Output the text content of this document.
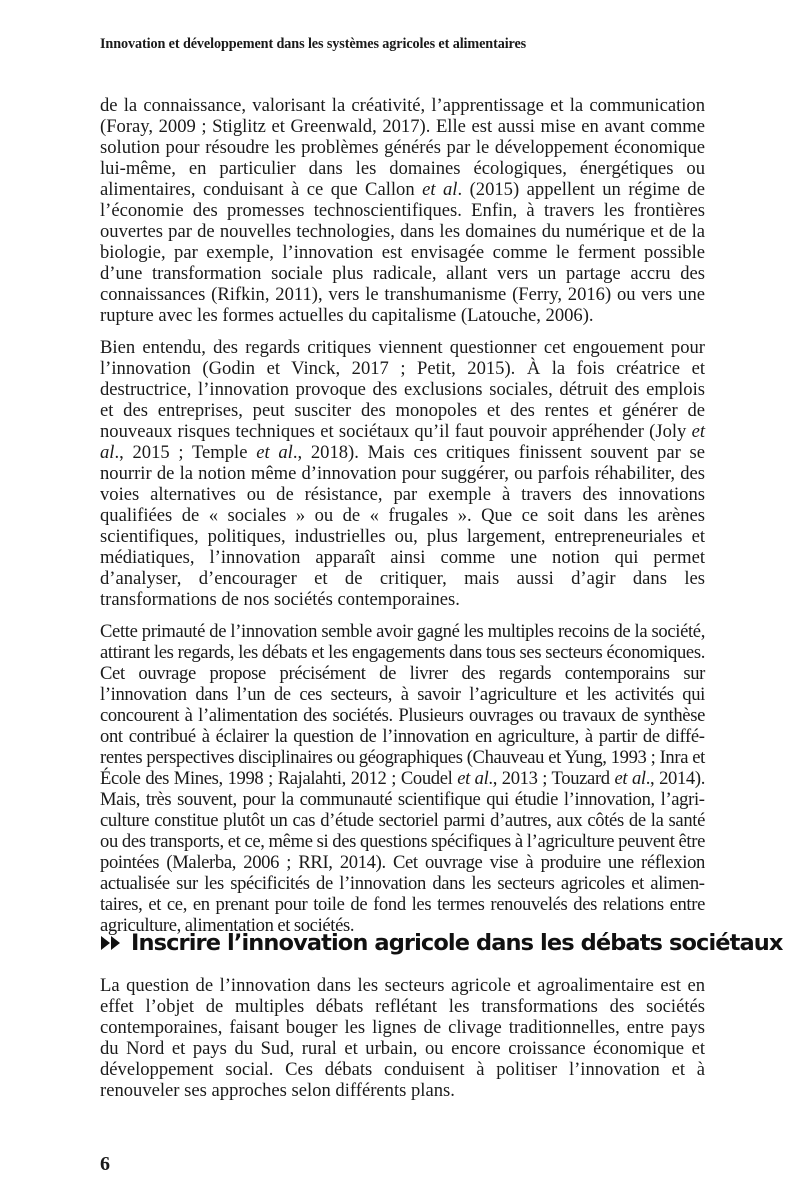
Innovation et développement dans les systèmes agricoles et alimentaires

de la connaissance, valorisant la créativité, l’apprentissage et la communication (Foray, 2009 ; Stiglitz et Greenwald, 2017). Elle est aussi mise en avant comme solution pour résoudre les problèmes générés par le développement économique lui-même, en particulier dans les domaines écologiques, énergétiques ou alimentaires, conduisant à ce que Callon et al. (2015) appellent un régime de l’économie des promesses technoscientifiques. Enfin, à travers les frontières ouvertes par de nouvelles technologies, dans les domaines du numérique et de la biologie, par exemple, l’innovation est envisagée comme le ferment possible d’une transformation sociale plus radicale, allant vers un partage accru des connaissances (Rifkin, 2011), vers le transhumanisme (Ferry, 2016) ou vers une rupture avec les formes actuelles du capitalisme (Latouche, 2006).

Bien entendu, des regards critiques viennent questionner cet engouement pour l’innovation (Godin et Vinck, 2017 ; Petit, 2015). À la fois créatrice et destructrice, l’innovation provoque des exclusions sociales, détruit des emplois et des entreprises, peut susciter des monopoles et des rentes et générer de nouveaux risques techniques et sociétaux qu’il faut pouvoir appréhender (Joly et al., 2015 ; Temple et al., 2018). Mais ces critiques finissent souvent par se nourrir de la notion même d’innovation pour suggérer, ou parfois réhabiliter, des voies alternatives ou de résistance, par exemple à travers des innovations qualifiées de « sociales » ou de « frugales ». Que ce soit dans les arènes scientifiques, politiques, industrielles ou, plus largement, entrepreneuriales et médiatiques, l’innovation apparaît ainsi comme une notion qui permet d’analyser, d’encourager et de critiquer, mais aussi d’agir dans les transformations de nos sociétés contemporaines.

Cette primauté de l’innovation semble avoir gagné les multiples recoins de la société, attirant les regards, les débats et les engagements dans tous ses secteurs économiques. Cet ouvrage propose précisément de livrer des regards contemporains sur l’innovation dans l’un de ces secteurs, à savoir l’agriculture et les activités qui concourent à l’alimentation des sociétés. Plusieurs ouvrages ou travaux de synthèse ont contribué à éclairer la question de l’innovation en agriculture, à partir de différentes perspectives disciplinaires ou géographiques (Chauveau et Yung, 1993 ; Inra et École des Mines, 1998 ; Rajalahti, 2012 ; Coudel et al., 2013 ; Touzard et al., 2014). Mais, très souvent, pour la communauté scientifique qui étudie l’innovation, l’agriculture constitue plutôt un cas d’étude sectoriel parmi d’autres, aux côtés de la santé ou des transports, et ce, même si des questions spécifiques à l’agriculture peuvent être pointées (Malerba, 2006 ; RRI, 2014). Cet ouvrage vise à produire une réflexion actualisée sur les spécificités de l’innovation dans les secteurs agricoles et alimentaires, et ce, en prenant pour toile de fond les termes renouvelés des relations entre agriculture, alimentation et sociétés.

Inscrire l’innovation agricole dans les débats sociétaux

La question de l’innovation dans les secteurs agricole et agroalimentaire est en effet l’objet de multiples débats reflétant les transformations des sociétés contemporaines, faisant bouger les lignes de clivage traditionnelles, entre pays du Nord et pays du Sud, rural et urbain, ou encore croissance économique et développement social. Ces débats conduisent à politiser l’innovation et à renouveler ses approches selon différents plans.

6
